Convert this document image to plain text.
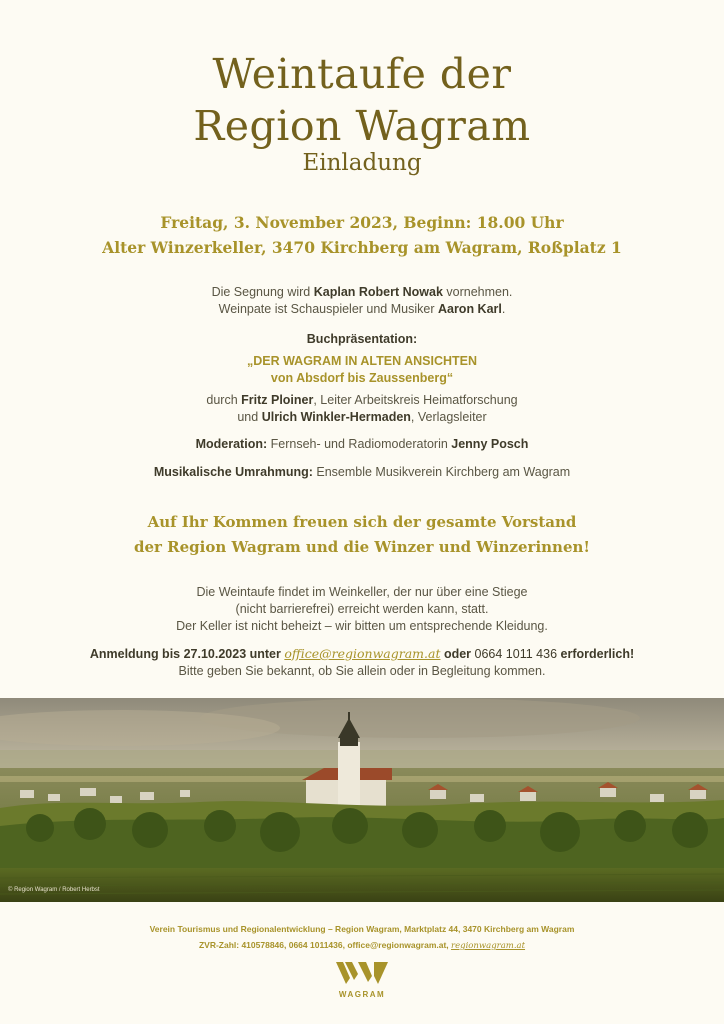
Weintaufe der
Region Wagram
Einladung
Freitag, 3. November 2023, Beginn: 18.00 Uhr
Alter Winzerkeller, 3470 Kirchberg am Wagram, Roßplatz 1
Die Segnung wird Kaplan Robert Nowak vornehmen.
Weinpate ist Schauspieler und Musiker Aaron Karl.
Buchpräsentation:
„DER WAGRAM IN ALTEN ANSICHTEN
von Absdorf bis Zaussenberg“
durch Fritz Ploiner, Leiter Arbeitskreis Heimatforschung
und Ulrich Winkler-Hermaden, Verlagsleiter
Moderation: Fernseh- und Radiomoderatorin Jenny Posch
Musikalische Umrahmung: Ensemble Musikverein Kirchberg am Wagram
Auf Ihr Kommen freuen sich der gesamte Vorstand
der Region Wagram und die Winzer und Winzerinnen!
Die Weintaufe findet im Weinkeller, der nur über eine Stiege
(nicht barrierefrei) erreicht werden kann, statt.
Der Keller ist nicht beheizt – wir bitten um entsprechende Kleidung.
Anmeldung bis 27.10.2023 unter office@regionwagram.at oder 0664 1011 436 erforderlich!
Bitte geben Sie bekannt, ob Sie allein oder in Begleitung kommen.
© Region Wagram / Robert Herbst
Verein Tourismus und Regionalentwicklung – Region Wagram, Marktplatz 44, 3470 Kirchberg am Wagram
ZVR-Zahl: 410578846, 0664 1011436, office@regionwagram.at, regionwagram.at
WAGRAM
